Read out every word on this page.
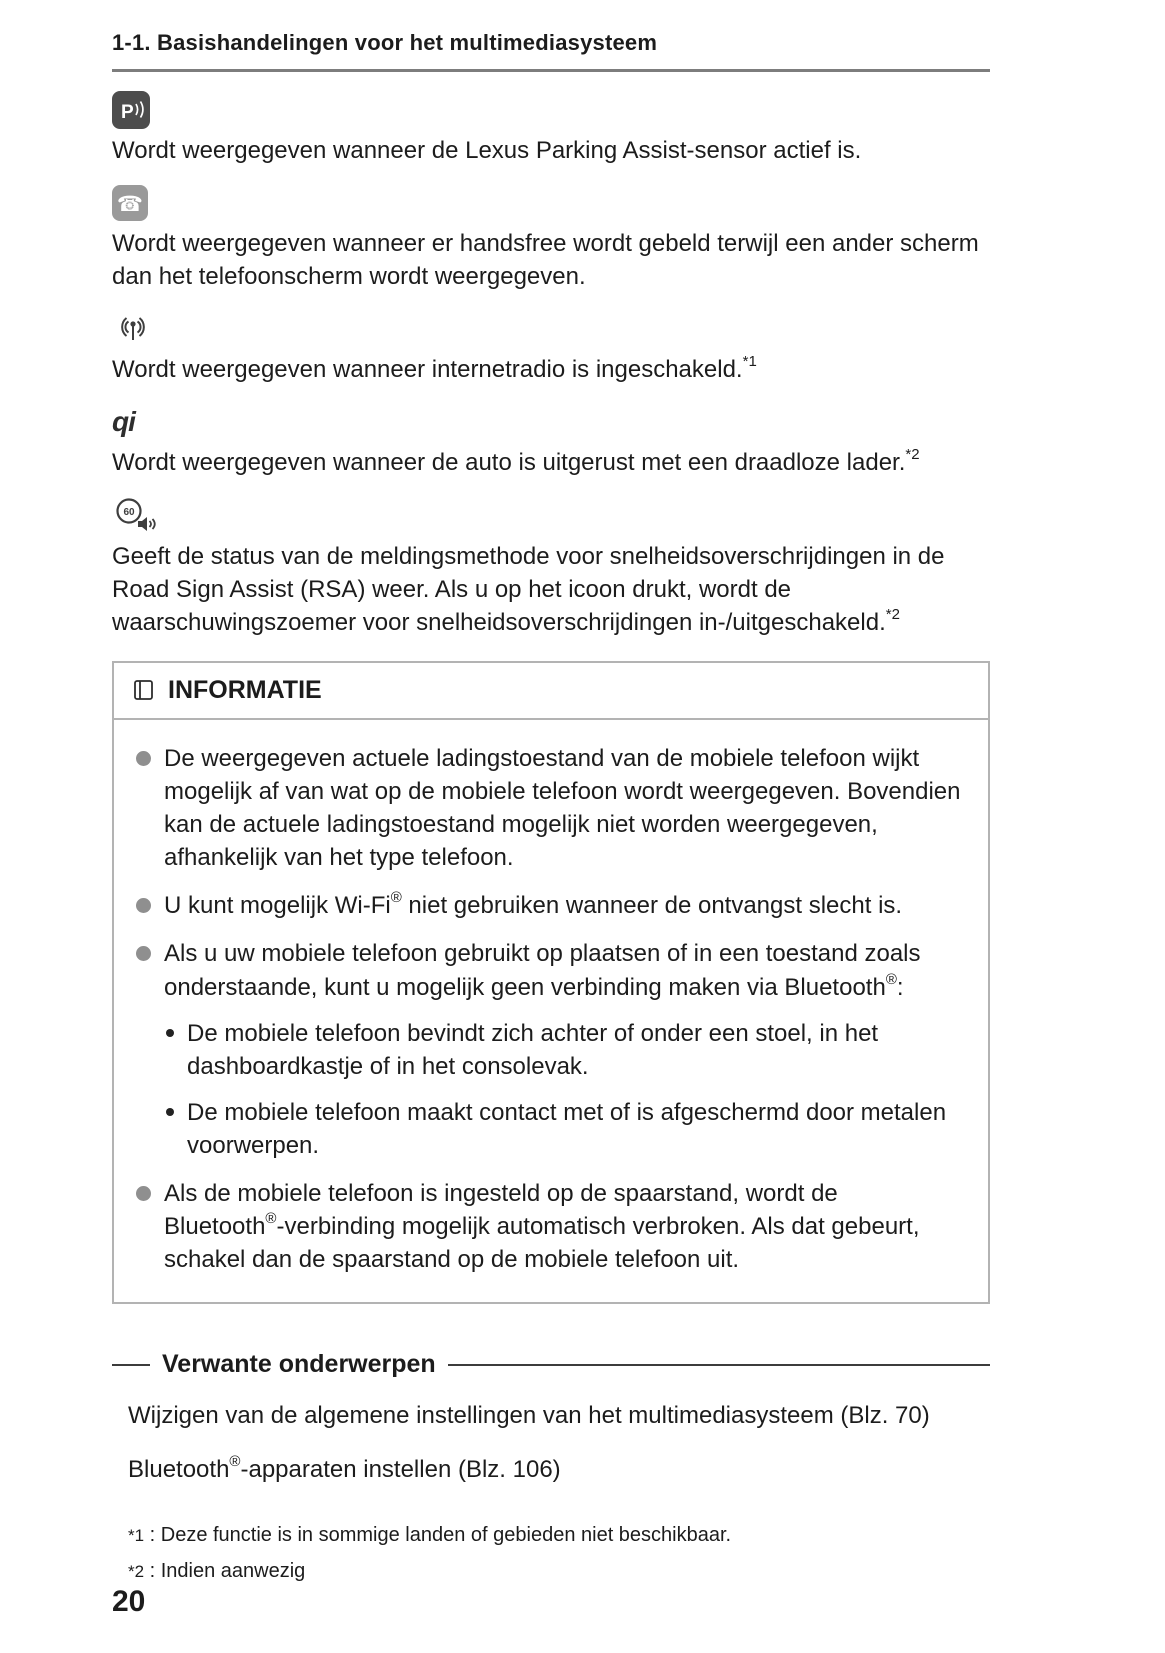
1-1. Basishandelingen voor het multimediasysteem
P

Wordt weergegeven wanneer de Lexus Parking Assist-sensor actief is.

☎

Wordt weergegeven wanneer er handsfree wordt gebeld terwijl een ander scherm dan het telefoonscherm wordt weergegeven.

Wordt weergegeven wanneer internetradio is ingeschakeld.$^{*1}$

qi

Wordt weergegeven wanneer de auto is uitgerust met een draadloze lader.$^{*2}$

60

Geeft de status van de meldingsmethode voor snelheidsoverschrijdingen in de Road Sign Assist (RSA) weer. Als u op het icoon drukt, wordt de waarschuwingszoemer voor snelheidsoverschrijdingen in-/uitgeschakeld.$^{*2}$

INFORMATIE
De weergegeven actuele ladingstoestand van de mobiele telefoon wijkt mogelijk af van wat op de mobiele telefoon wordt weergegeven. Bovendien kan de actuele ladingstoestand mogelijk niet worden weergegeven, afhankelijk van het type telefoon.
U kunt mogelijk Wi-Fi® niet gebruiken wanneer de ontvangst slecht is.
Als u uw mobiele telefoon gebruikt op plaatsen of in een toestand zoals onderstaande, kunt u mogelijk geen verbinding maken via Bluetooth®:
De mobiele telefoon bevindt zich achter of onder een stoel, in het dashboardkastje of in het consolevak.
De mobiele telefoon maakt contact met of is afgeschermd door metalen voorwerpen.
Als de mobiele telefoon is ingesteld op de spaarstand, wordt de Bluetooth®-verbinding mogelijk automatisch verbroken. Als dat gebeurt, schakel dan de spaarstand op de mobiele telefoon uit.
Verwante onderwerpen

Wijzigen van de algemene instellingen van het multimediasysteem (Blz. 70)

Bluetooth®-apparaten instellen (Blz. 106)

*1 : Deze functie is in sommige landen of gebieden niet beschikbaar.

*2 : Indien aanwezig

20
